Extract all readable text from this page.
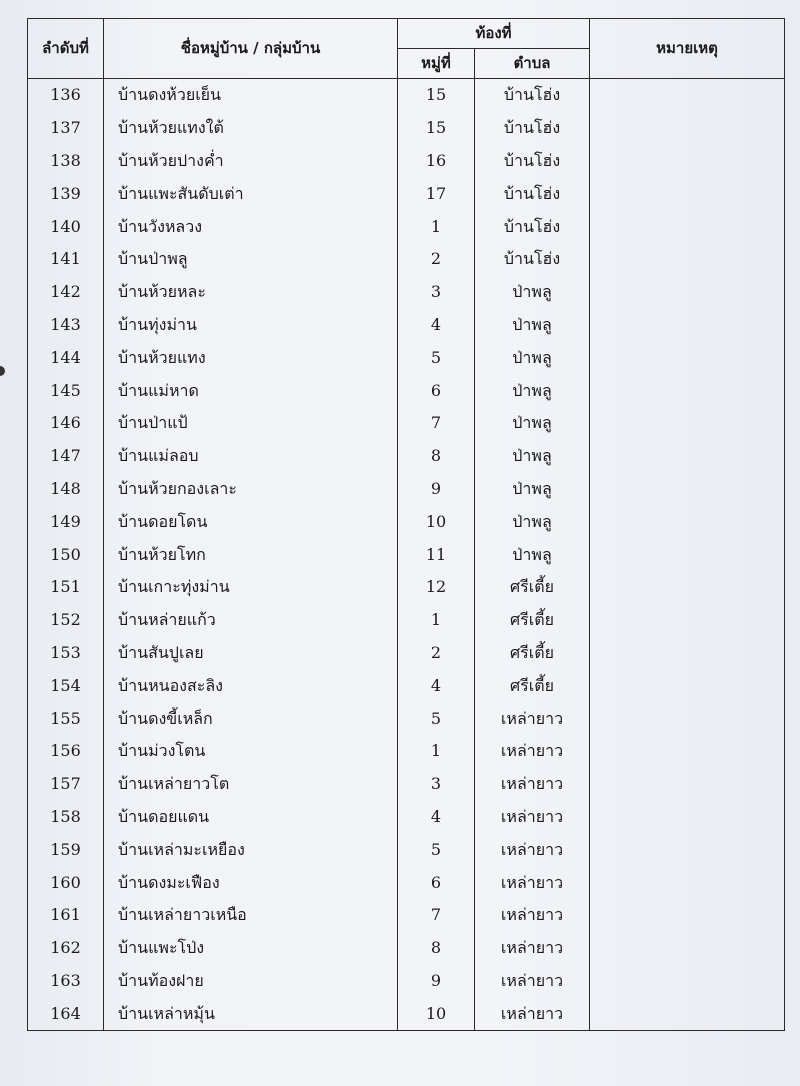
ลำดับที่	ชื่อหมู่บ้าน / กลุ่มบ้าน	ท้องที่		หมายเหตุ
		หมู่ที่	ตำบล	
136	บ้านดงห้วยเย็น	15	บ้านโฮ่ง	
137	บ้านห้วยแทงใต้	15	บ้านโฮ่ง	
138	บ้านห้วยปางค่ำ	16	บ้านโฮ่ง	
139	บ้านแพะสันดับเต่า	17	บ้านโฮ่ง	
140	บ้านวังหลวง	1	บ้านโฮ่ง	
141	บ้านป่าพลู	2	บ้านโฮ่ง	
142	บ้านห้วยหละ	3	ป่าพลู	
143	บ้านทุ่งม่าน	4	ป่าพลู	
144	บ้านห้วยแทง	5	ป่าพลู	
145	บ้านแม่หาด	6	ป่าพลู	
146	บ้านป่าแป้	7	ป่าพลู	
147	บ้านแม่ลอบ	8	ป่าพลู	
148	บ้านห้วยกองเลาะ	9	ป่าพลู	
149	บ้านดอยโดน	10	ป่าพลู	
150	บ้านห้วยโทก	11	ป่าพลู	
151	บ้านเกาะทุ่งม่าน	12	ศรีเตี้ย	
152	บ้านหล่ายแก้ว	1	ศรีเตี้ย	
153	บ้านสันปูเลย	2	ศรีเตี้ย	
154	บ้านหนองสะลิง	4	ศรีเตี้ย	
155	บ้านดงขี้เหล็ก	5	เหล่ายาว	
156	บ้านม่วงโตน	1	เหล่ายาว	
157	บ้านเหล่ายาวโต	3	เหล่ายาว	
158	บ้านดอยแดน	4	เหล่ายาว	
159	บ้านเหล่ามะเหยือง	5	เหล่ายาว	
160	บ้านดงมะเฟือง	6	เหล่ายาว	
161	บ้านเหล่ายาวเหนือ	7	เหล่ายาว	
162	บ้านแพะโป่ง	8	เหล่ายาว	
163	บ้านท้องฝาย	9	เหล่ายาว	
164	บ้านเหล่าหมุ้น	10	เหล่ายาว	
